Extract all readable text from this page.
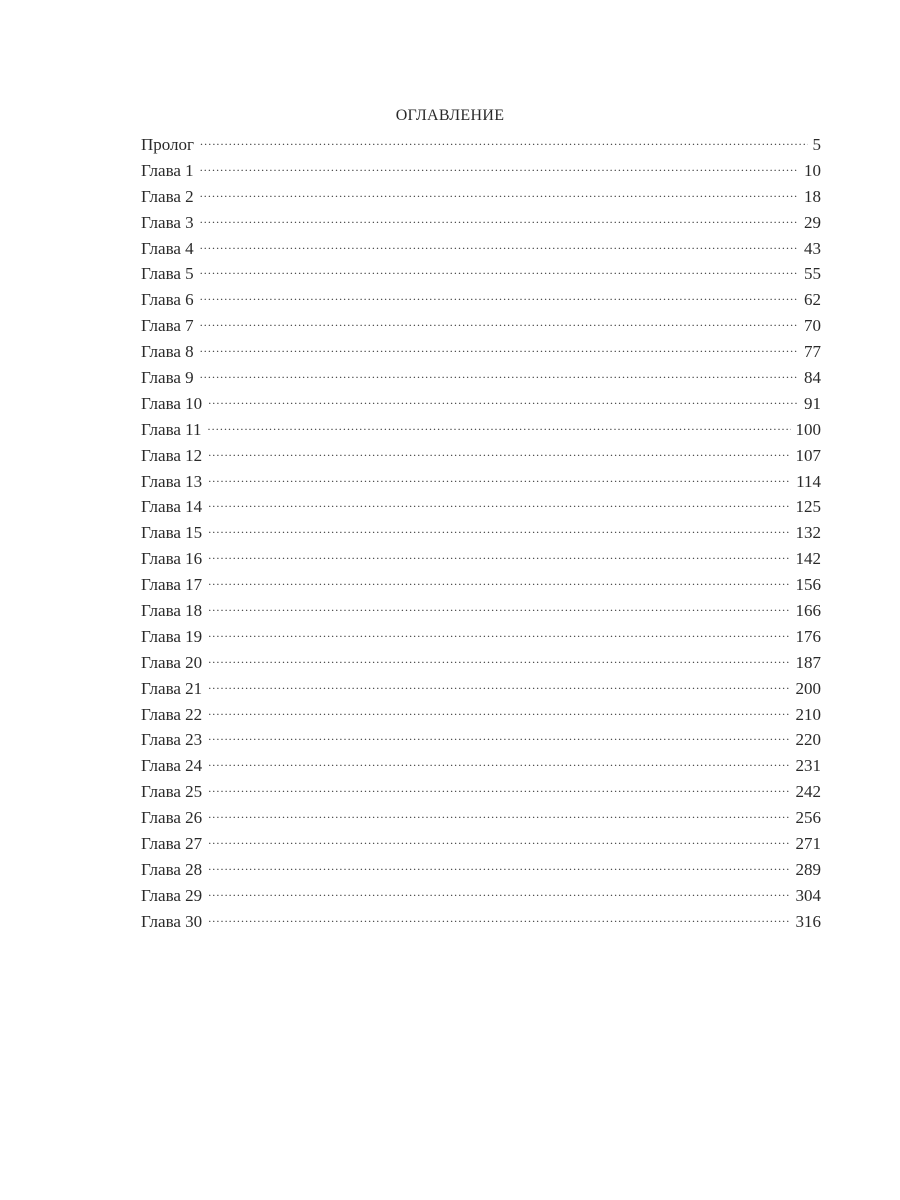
ОГЛАВЛЕНИЕ
Пролог .....	5
Глава 1 .....	10
Глава 2 .....	18
Глава 3 .....	29
Глава 4 .....	43
Глава 5 .....	55
Глава 6 .....	62
Глава 7 .....	70
Глава 8 .....	77
Глава 9 .....	84
Глава 10 .....	91
Глава 11 .....	100
Глава 12 .....	107
Глава 13 .....	114
Глава 14 .....	125
Глава 15 .....	132
Глава 16 .....	142
Глава 17 .....	156
Глава 18 .....	166
Глава 19 .....	176
Глава 20 .....	187
Глава 21 .....	200
Глава 22 .....	210
Глава 23 .....	220
Глава 24 .....	231
Глава 25 .....	242
Глава 26 .....	256
Глава 27 .....	271
Глава 28 .....	289
Глава 29 .....	304
Глава 30 .....	316
